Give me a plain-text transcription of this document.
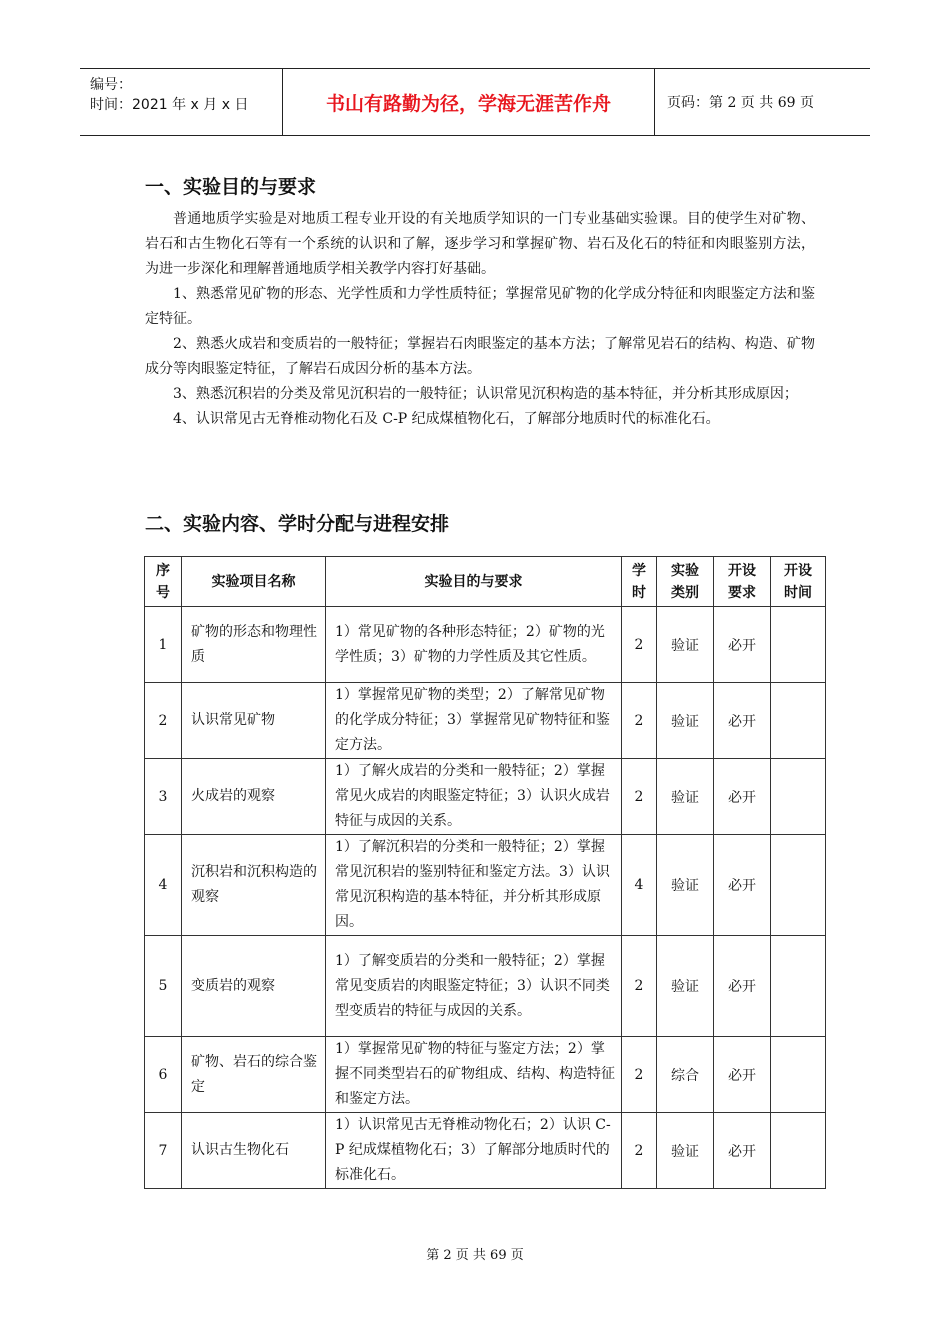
编号：
时间：2021 年 x 月 x 日	书山有路勤为径，学海无涯苦作舟	页码：第 2 页 共 69 页
一、实验目的与要求

普通地质学实验是对地质工程专业开设的有关地质学知识的一门专业基础实验课。目的使学生对矿物、岩石和古生物化石等有一个系统的认识和了解，逐步学习和掌握矿物、岩石及化石的特征和肉眼鉴别方法，为进一步深化和理解普通地质学相关教学内容打好基础。

1、熟悉常见矿物的形态、光学性质和力学性质特征；掌握常见矿物的化学成分特征和肉眼鉴定方法和鉴定特征。

2、熟悉火成岩和变质岩的一般特征；掌握岩石肉眼鉴定的基本方法；了解常见岩石的结构、构造、矿物成分等肉眼鉴定特征，了解岩石成因分析的基本方法。

3、熟悉沉积岩的分类及常见沉积岩的一般特征；认识常见沉积构造的基本特征，并分析其形成原因；

4、认识常见古无脊椎动物化石及 C-P 纪成煤植物化石，了解部分地质时代的标准化石。

二、实验内容、学时分配与进程安排
序号	实验项目名称	实验目的与要求	学时	实验类别	开设要求	开设时间

1	矿物的形态和物理性质	1）常见矿物的各种形态特征；2）矿物的光学性质；3）矿物的力学性质及其它性质。	2	验证	必开	
2	认识常见矿物	1）掌握常见矿物的类型；2）了解常见矿物的化学成分特征；3）掌握常见矿物特征和鉴定方法。	2	验证	必开	
3	火成岩的观察	1）了解火成岩的分类和一般特征；2）掌握常见火成岩的肉眼鉴定特征；3）认识火成岩特征与成因的关系。	2	验证	必开	
4	沉积岩和沉积构造的观察	1）了解沉积岩的分类和一般特征；2）掌握常见沉积岩的鉴别特征和鉴定方法。3）认识常见沉积构造的基本特征，并分析其形成原因。	4	验证	必开	
5	变质岩的观察	1）了解变质岩的分类和一般特征；2）掌握常见变质岩的肉眼鉴定特征；3）认识不同类型变质岩的特征与成因的关系。	2	验证	必开	
6	矿物、岩石的综合鉴定	1）掌握常见矿物的特征与鉴定方法；2）掌握不同类型岩石的矿物组成、结构、构造特征和鉴定方法。	2	综合	必开	
7	认识古生物化石	1）认识常见古无脊椎动物化石；2）认识 C-P 纪成煤植物化石；3）了解部分地质时代的标准化石。	2	验证	必开	
第 2 页 共 69 页
